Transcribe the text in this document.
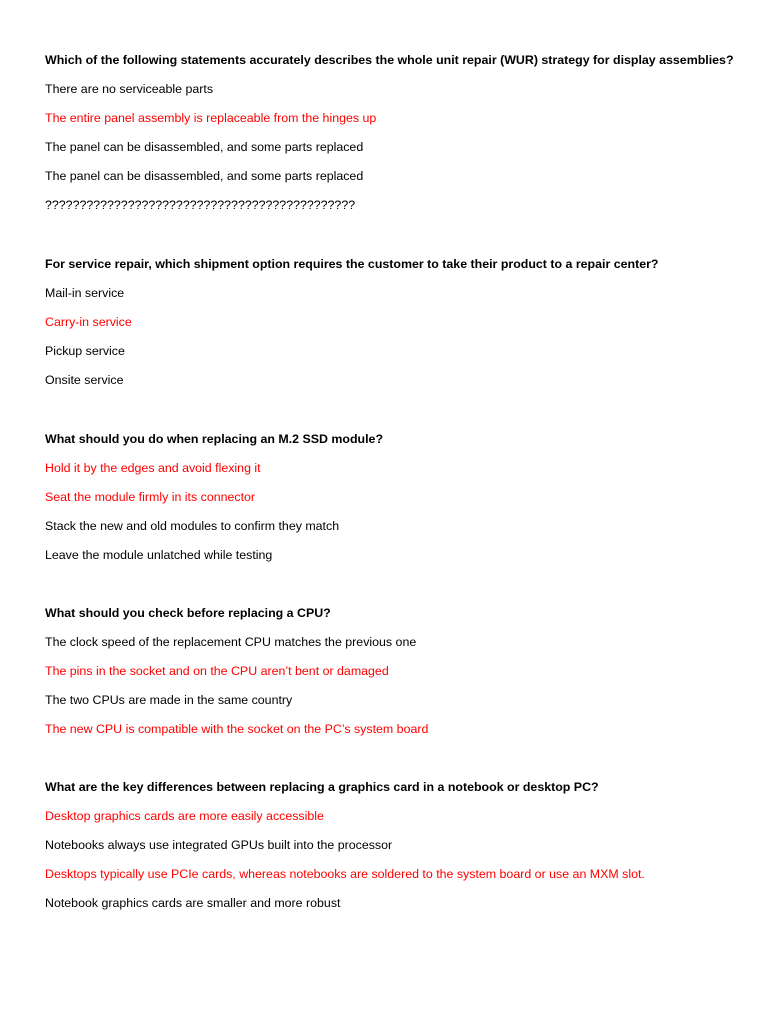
Which of the following statements accurately describes the whole unit repair (WUR) strategy for display assemblies?
There are no serviceable parts
The entire panel assembly is replaceable from the hinges up
The panel can be disassembled, and some parts replaced
The panel can be disassembled, and some parts replaced
?????????????????????????????????????????????
For service repair, which shipment option requires the customer to take their product to a repair center?
Mail-in service
Carry-in service
Pickup service
Onsite service
What should you do when replacing an M.2 SSD module?
Hold it by the edges and avoid flexing it
Seat the module firmly in its connector
Stack the new and old modules to confirm they match
Leave the module unlatched while testing
What should you check before replacing a CPU?
The clock speed of the replacement CPU matches the previous one
The pins in the socket and on the CPU aren’t bent or damaged
The two CPUs are made in the same country
The new CPU is compatible with the socket on the PC’s system board
What are the key differences between replacing a graphics card in a notebook or desktop PC?
Desktop graphics cards are more easily accessible
Notebooks always use integrated GPUs built into the processor
Desktops typically use PCIe cards, whereas notebooks are soldered to the system board or use an MXM slot.
Notebook graphics cards are smaller and more robust
